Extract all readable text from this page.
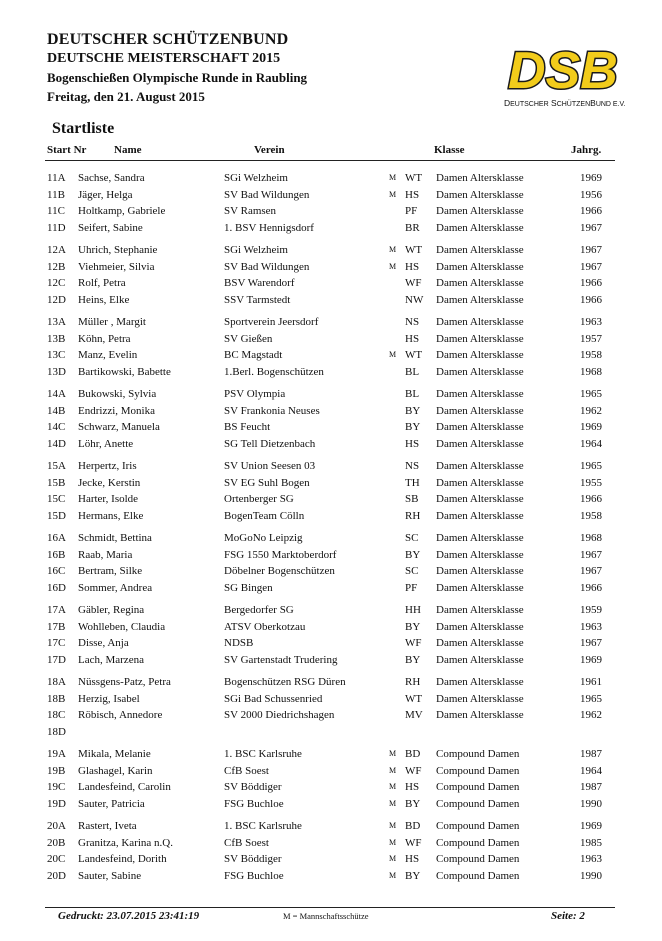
DEUTSCHER SCHÜTZENBUND
DEUTSCHE MEISTERSCHAFT 2015
Bogenschießen Olympische Runde in Raubling
Freitag, den 21. August 2015	DSB
DEUTSCHER SCHÜTZENBUND E.V.
Startliste
Start Nr	Name	Verein	Klasse	Jahrg.
11A Sachse, Sandra	SGi Welzheim	M WT Damen Altersklasse	1969
11B Jäger, Helga	SV Bad Wildungen	M HS Damen Altersklasse	1956
11C Holtkamp, Gabriele	SV Ramsen	PF Damen Altersklasse	1966
11D Seifert, Sabine	1. BSV Hennigsdorf	BR Damen Altersklasse	1967
12A Uhrich, Stephanie	SGi Welzheim	M WT Damen Altersklasse	1967
12B Viehmeier, Silvia	SV Bad Wildungen	M HS Damen Altersklasse	1967
12C Rolf, Petra	BSV Warendorf	WF Damen Altersklasse	1966
12D Heins, Elke	SSV Tarmstedt	NW Damen Altersklasse	1966
13A Müller , Margit	Sportverein Jeersdorf	NS Damen Altersklasse	1963
13B Köhn, Petra	SV Gießen	HS Damen Altersklasse	1957
13C Manz, Evelin	BC Magstadt	M WT Damen Altersklasse	1958
13D Bartikowski, Babette	1.Berl. Bogenschützen	BL Damen Altersklasse	1968
14A Bukowski, Sylvia	PSV Olympia	BL Damen Altersklasse	1965
14B Endrizzi, Monika	SV Frankonia Neuses	BY Damen Altersklasse	1962
14C Schwarz, Manuela	BS Feucht	BY Damen Altersklasse	1969
14D Löhr, Anette	SG Tell Dietzenbach	HS Damen Altersklasse	1964
15A Herpertz, Iris	SV Union Seesen 03	NS Damen Altersklasse	1965
15B Jecke, Kerstin	SV EG Suhl Bogen	TH Damen Altersklasse	1955
15C Harter, Isolde	Ortenberger SG	SB Damen Altersklasse	1966
15D Hermans, Elke	BogenTeam Cölln	RH Damen Altersklasse	1958
16A Schmidt, Bettina	MoGoNo Leipzig	SC Damen Altersklasse	1968
16B Raab, Maria	FSG 1550 Marktoberdorf	BY Damen Altersklasse	1967
16C Bertram, Silke	Döbelner Bogenschützen	SC Damen Altersklasse	1967
16D Sommer, Andrea	SG Bingen	PF Damen Altersklasse	1966
17A Gäbler, Regina	Bergedorfer SG	HH Damen Altersklasse	1959
17B Wohlleben, Claudia	ATSV Oberkotzau	BY Damen Altersklasse	1963
17C Disse, Anja	NDSB	WF Damen Altersklasse	1967
17D Lach, Marzena	SV Gartenstadt Trudering	BY Damen Altersklasse	1969
18A Nüssgens-Patz, Petra	Bogenschützen RSG Düren	RH Damen Altersklasse	1961
18B Herzig, Isabel	SGi Bad Schussenried	WT Damen Altersklasse	1965
18C Röbisch, Annedore	SV 2000 Diedrichshagen	MV Damen Altersklasse	1962
18D
19A Mikala, Melanie	1. BSC Karlsruhe	M BD Compound Damen	1987
19B Glashagel, Karin	CfB Soest	M WF Compound Damen	1964
19C Landesfeind, Carolin	SV Böddiger	M HS Compound Damen	1987
19D Sauter, Patricia	FSG Buchloe	M BY Compound Damen	1990
20A Rastert, Iveta	1. BSC Karlsruhe	M BD Compound Damen	1969
20B Granitza, Karina n.Q.	CfB Soest	M WF Compound Damen	1985
20C Landesfeind, Dorith	SV Böddiger	M HS Compound Damen	1963
20D Sauter, Sabine	FSG Buchloe	M BY Compound Damen	1990
Gedruckt: 23.07.2015 23:41:19	M = Mannschaftsschütze	Seite: 2
